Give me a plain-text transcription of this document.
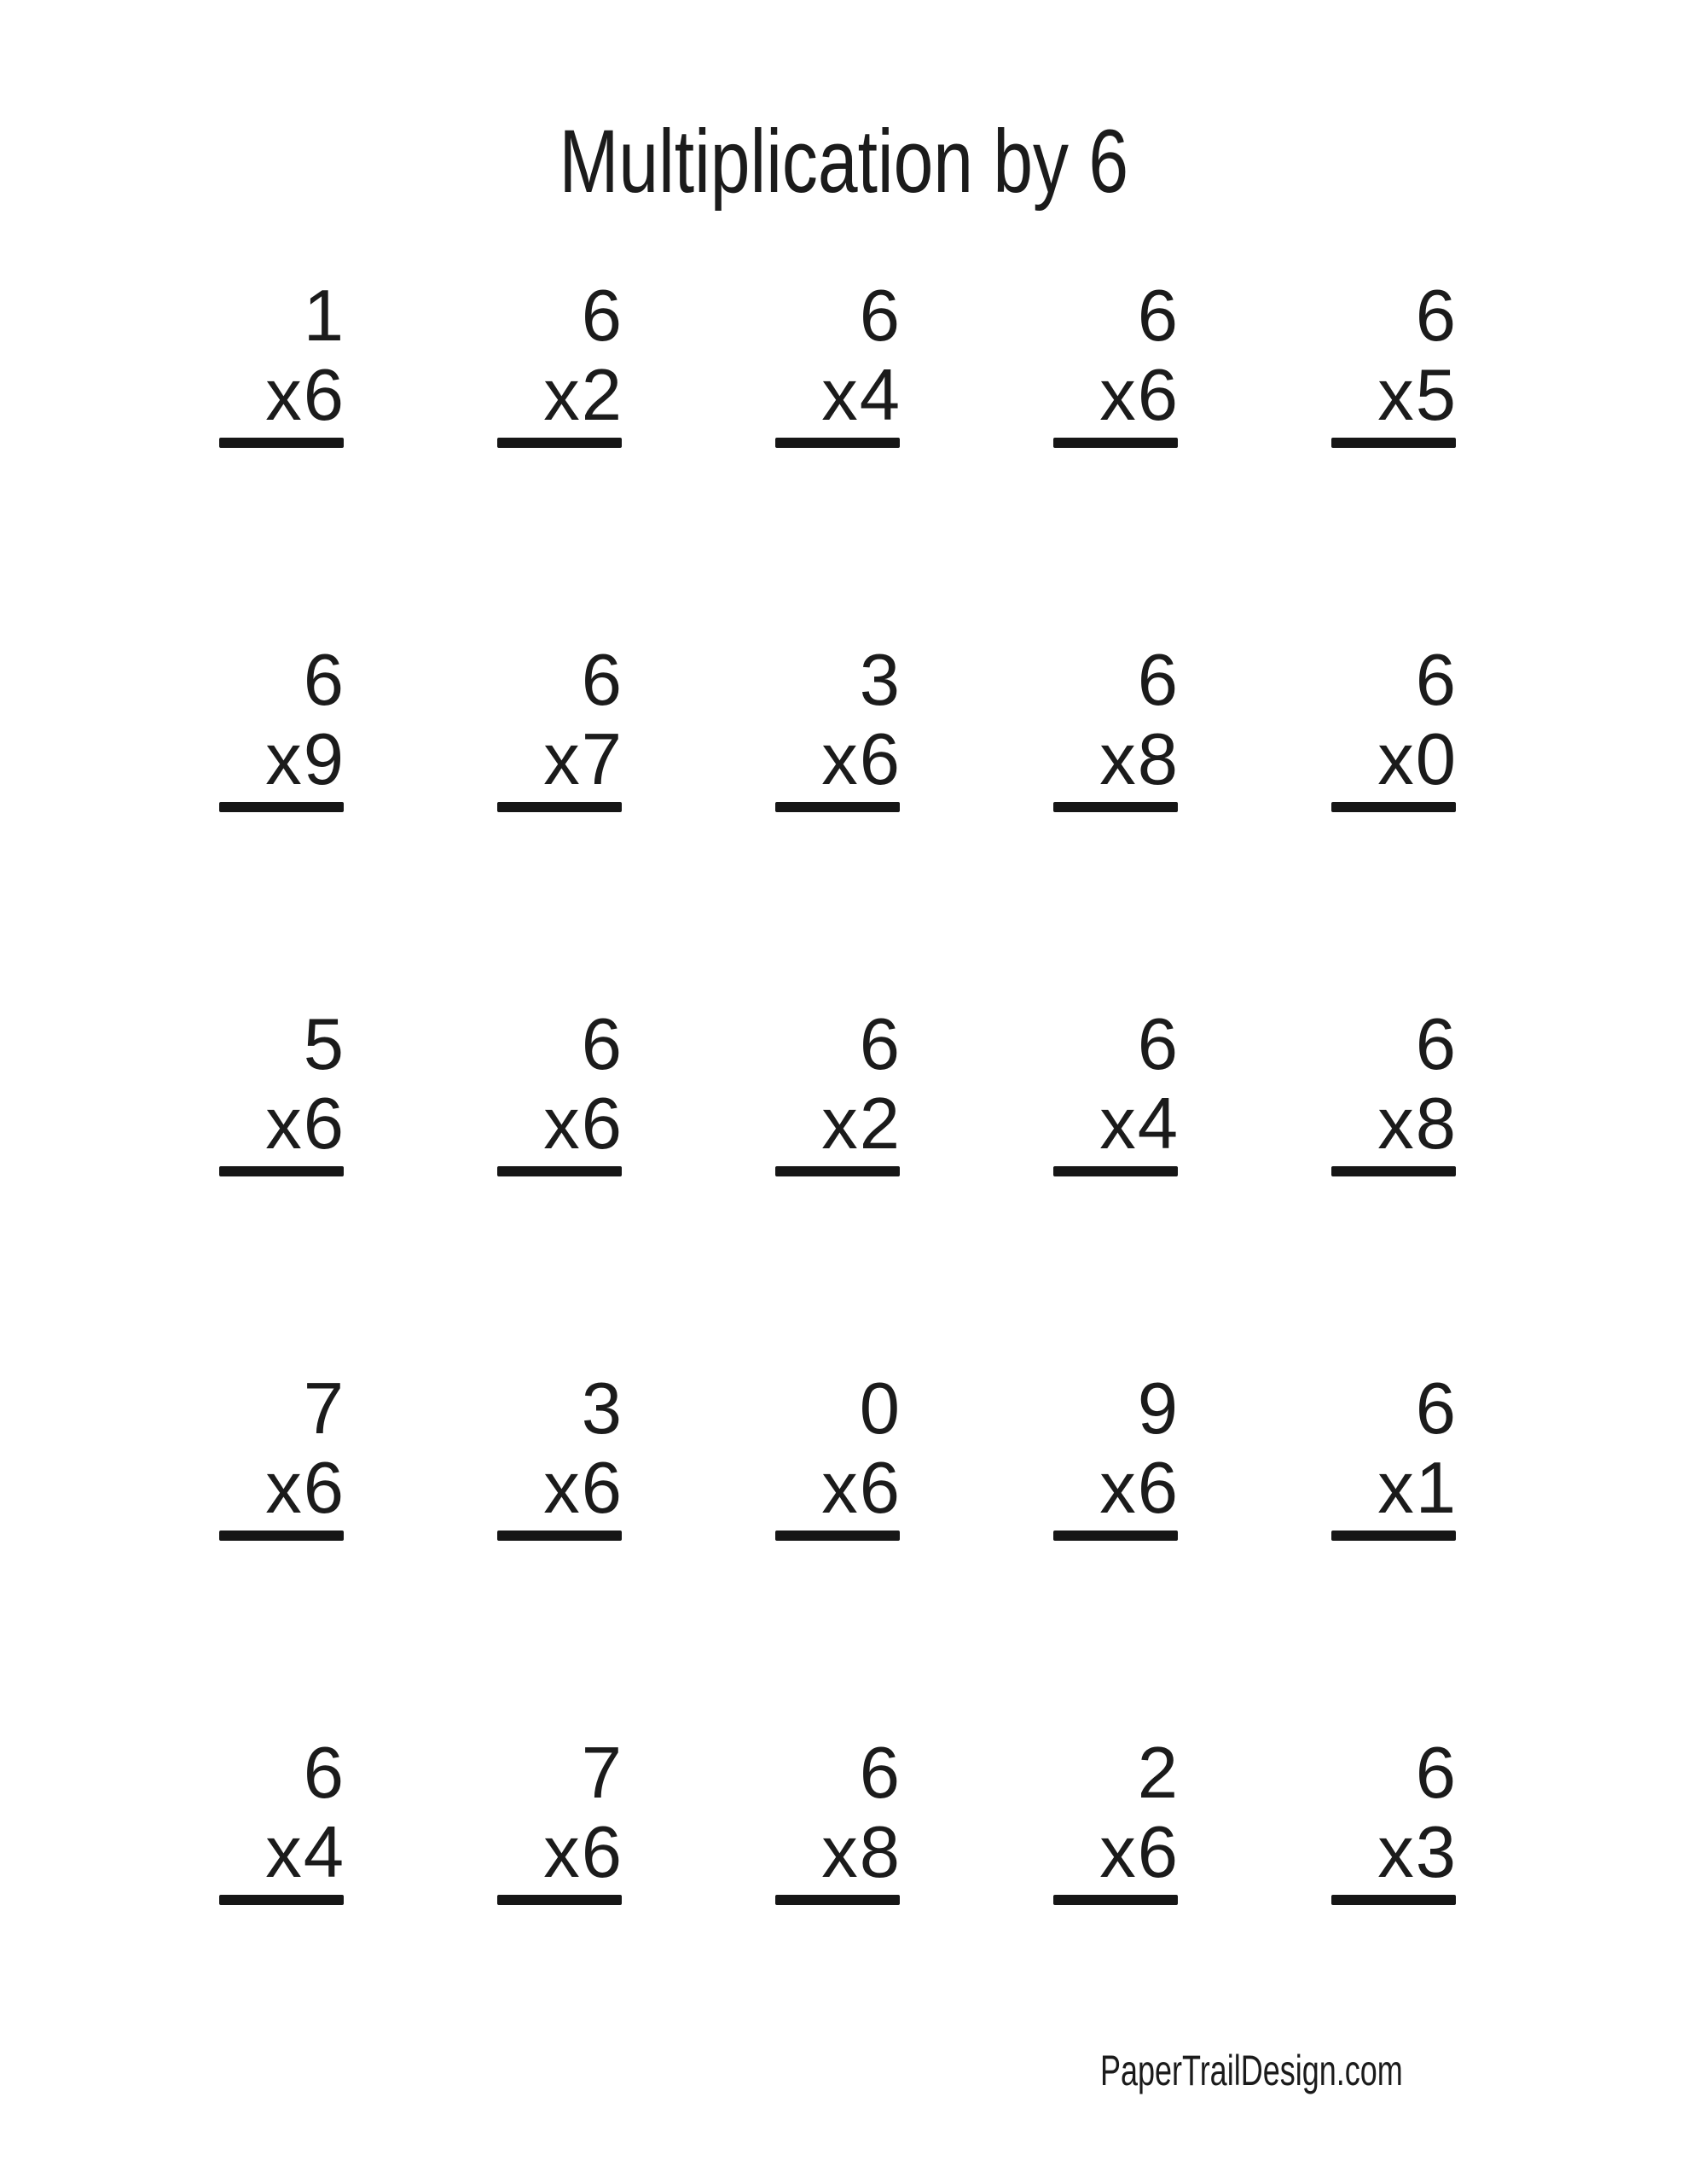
Multiplication by 6
1
x6
6
x2
6
x4
6
x6
6
x5
6
x9
6
x7
3
x6
6
x8
6
x0
5
x6
6
x6
6
x2
6
x4
6
x8
7
x6
3
x6
0
x6
9
x6
6
x1
6
x4
7
x6
6
x8
2
x6
6
x3
PaperTrailDesign.com
